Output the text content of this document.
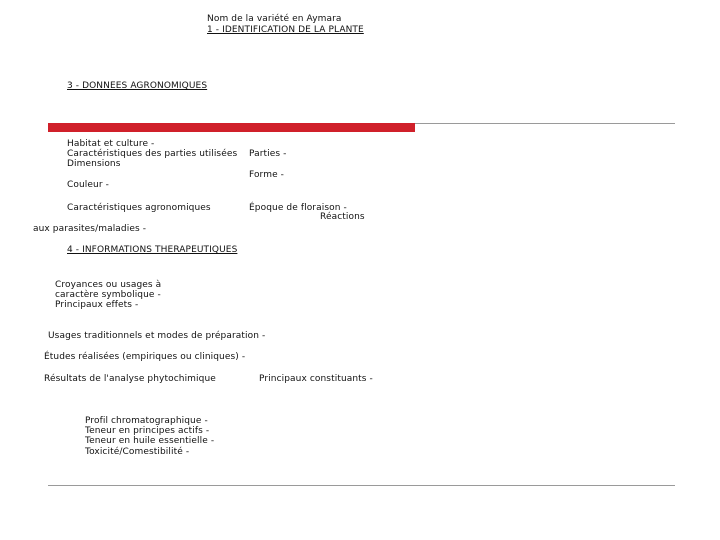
Nom de la variété en Aymara
1 - IDENTIFICATION DE LA PLANTE
3 - DONNEES AGRONOMIQUES
Habitat et culture -
Caractéristiques des parties utilisées
Dimensions
Parties -
Forme -
Couleur -
Caractéristiques agronomiques	Époque de floraison -
Réactions
aux parasites/maladies -
4 - INFORMATIONS THERAPEUTIQUES
Croyances ou usages à
caractère symbolique -
Principaux effets -
Usages traditionnels et modes de préparation -
Études réalisées (empiriques ou cliniques) -
Résultats de l'analyse phytochimique	Principaux constituants -
Profil chromatographique -
Teneur en principes actifs -
Teneur en huile essentielle -
Toxicité/Comestibilité -
